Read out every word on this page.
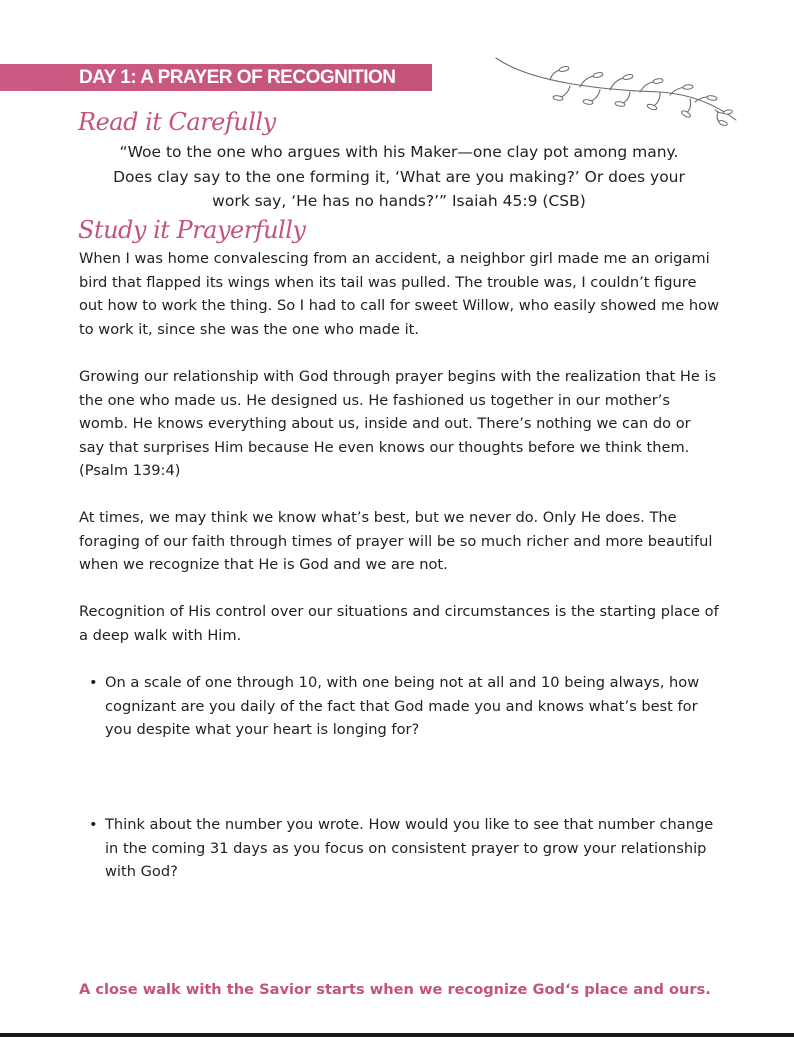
DAY 1: A PRAYER OF RECOGNITION
Read it Carefully
“Woe to the one who argues with his Maker—one clay pot among many.
Does clay say to the one forming it, ‘What are you making?’ Or does your
work say, ‘He has no hands?’” Isaiah 45:9 (CSB)
Study it Prayerfully
When I was home convalescing from an accident, a neighbor girl made me an origami bird that flapped its wings when its tail was pulled. The trouble was, I couldn’t figure out how to work the thing. So I had to call for sweet Willow, who easily showed me how to work it, since she was the one who made it.
Growing our relationship with God through prayer begins with the realization that He is the one who made us. He designed us. He fashioned us together in our mother’s womb. He knows everything about us, inside and out. There’s nothing we can do or say that surprises Him because He even knows our thoughts before we think them.(Psalm 139:4)
At times, we may think we know what’s best, but we never do. Only He does. The foraging of our faith through times of prayer will be so much richer and more beautiful when we recognize that He is God and we are not.
Recognition of His control over our situations and circumstances is the starting place of a deep walk with Him.
• On a scale of one through 10, with one being not at all and 10 being always, how cognizant are you daily of the fact that God made you and knows what’s best for you despite what your heart is longing for?
• Think about the number you wrote. How would you like to see that number change in the coming 31 days as you focus on consistent prayer to grow your relationship with God?
A close walk with the Savior starts when we recognize God‘s place and ours.
